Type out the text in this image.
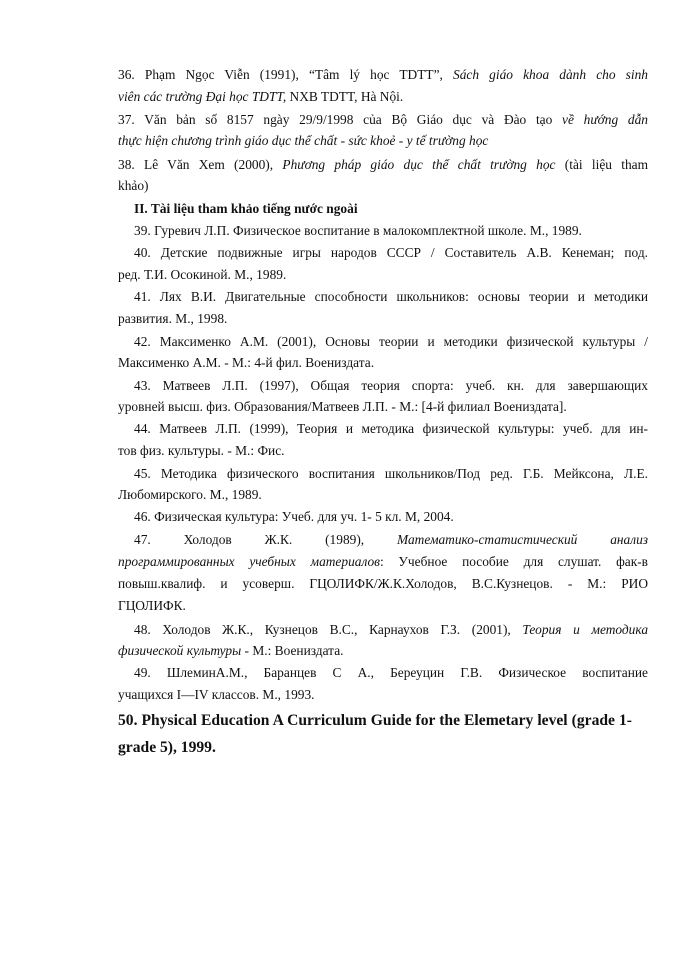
36. Phạm Ngọc Viễn (1991), “Tâm lý học TDTT”, Sách giáo khoa dành cho sinh
viên các trường Đại học TDTT, NXB TDTT, Hà Nội.
37. Văn bản số 8157 ngày 29/9/1998 của Bộ Giáo dục và Đào tạo về hướng dẫn
thực hiện chương trình giáo dục thể chất - sức khoẻ - y tế trường học
38. Lê Văn Xem (2000), Phương pháp giáo dục thể chất trường học (tài liệu tham
khảo)
II. Tài liệu tham khảo tiếng nước ngoài
39. Гуревич Л.П. Физическое воспитание в малокомплектной школе. М., 1989.
40. Детские подвижные игры народов СССР / Составитель А.В. Кенеман; под.
ред. Т.И. Осокиной. М., 1989.
41. Лях В.И. Двигательные способности школьников: основы теории и методики
развития. М., 1998.
42. Максименко А.М. (2001), Основы теории и методики физической культуры /
Максименко А.М. - М.: 4-й фил. Воениздата.
43. Матвеев Л.П. (1997), Общая теория спорта: учеб. кн. для завершающих
уровней высш. физ. Образования/Матвеев Л.П. - М.: [4-й филиал Воениздата].
44. Матвеев Л.П. (1999), Теория и методика физической культуры: учеб. для ин-
тов физ. культуры. - М.: Фис.
45. Методика физического воспитания школьников/Под ред. Г.Б. Мейксона, Л.Е.
Любомирского. М., 1989.
46. Физическая культура: Учеб. для уч. 1- 5 кл. М, 2004.
47. Холодов Ж.К. (1989), Математико-статистический анализ
программированных учебных материалов: Учебное пособие для слушат. фак-в
повыш.квалиф. и усоверш. ГЦОЛИФК/Ж.К.Холодов, В.С.Кузнецов. - М.: РИО
ГЦОЛИФК.
48. Холодов Ж.К., Кузнецов В.С., Карнаухов Г.З. (2001), Теория и методика
физической культуры - М.: Воениздата.
49. ШлеминА.М., Баранцев С А., Береуцин Г.В. Физическое воспитание
учащихся I—IV классов. М., 1993.
50. Physical Education A Curriculum Guide for the Elemetary level (grade 1-
grade 5), 1999.
